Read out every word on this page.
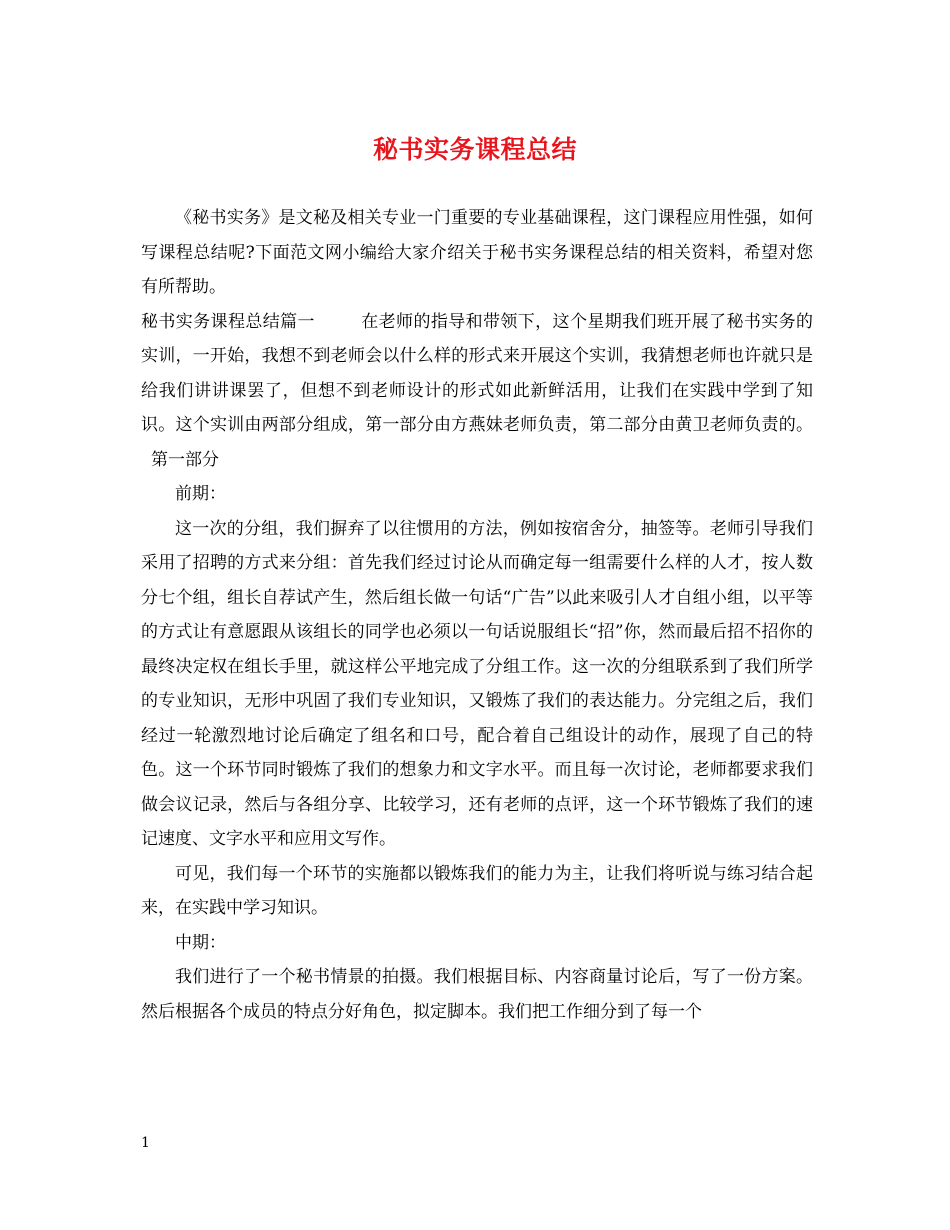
秘书实务课程总结

《秘书实务》是文秘及相关专业一门重要的专业基础课程，这门课程应用性强，如何写课程总结呢?下面范文网小编给大家介绍关于秘书实务课程总结的相关资料，希望对您有所帮助。

秘书实务课程总结篇一	在老师的指导和带领下，这个星期我们班开展了秘书实务的实训，一开始，我想不到老师会以什么样的形式来开展这个实训，我猜想老师也许就只是给我们讲讲课罢了，但想不到老师设计的形式如此新鲜活用，让我们在实践中学到了知识。这个实训由两部分组成，第一部分由方燕妹老师负责，第二部分由黄卫老师负责的。第一部分

前期：

这一次的分组，我们摒弃了以往惯用的方法，例如按宿舍分，抽签等。老师引导我们采用了招聘的方式来分组：首先我们经过讨论从而确定每一组需要什么样的人才，按人数分七个组，组长自荐试产生，然后组长做一句话“广告”以此来吸引人才自组小组，以平等的方式让有意愿跟从该组长的同学也必须以一句话说服组长“招”你，然而最后招不招你的最终决定权在组长手里，就这样公平地完成了分组工作。这一次的分组联系到了我们所学的专业知识，无形中巩固了我们专业知识，又锻炼了我们的表达能力。分完组之后，我们经过一轮激烈地讨论后确定了组名和口号，配合着自己组设计的动作，展现了自己的特色。这一个环节同时锻炼了我们的想象力和文字水平。而且每一次讨论，老师都要求我们做会议记录，然后与各组分享、比较学习，还有老师的点评，这一个环节锻炼了我们的速记速度、文字水平和应用文写作。

可见，我们每一个环节的实施都以锻炼我们的能力为主，让我们将听说与练习结合起来，在实践中学习知识。

中期：

我们进行了一个秘书情景的拍摄。我们根据目标、内容商量讨论后，写了一份方案。然后根据各个成员的特点分好角色，拟定脚本。我们把工作细分到了每一个

1
